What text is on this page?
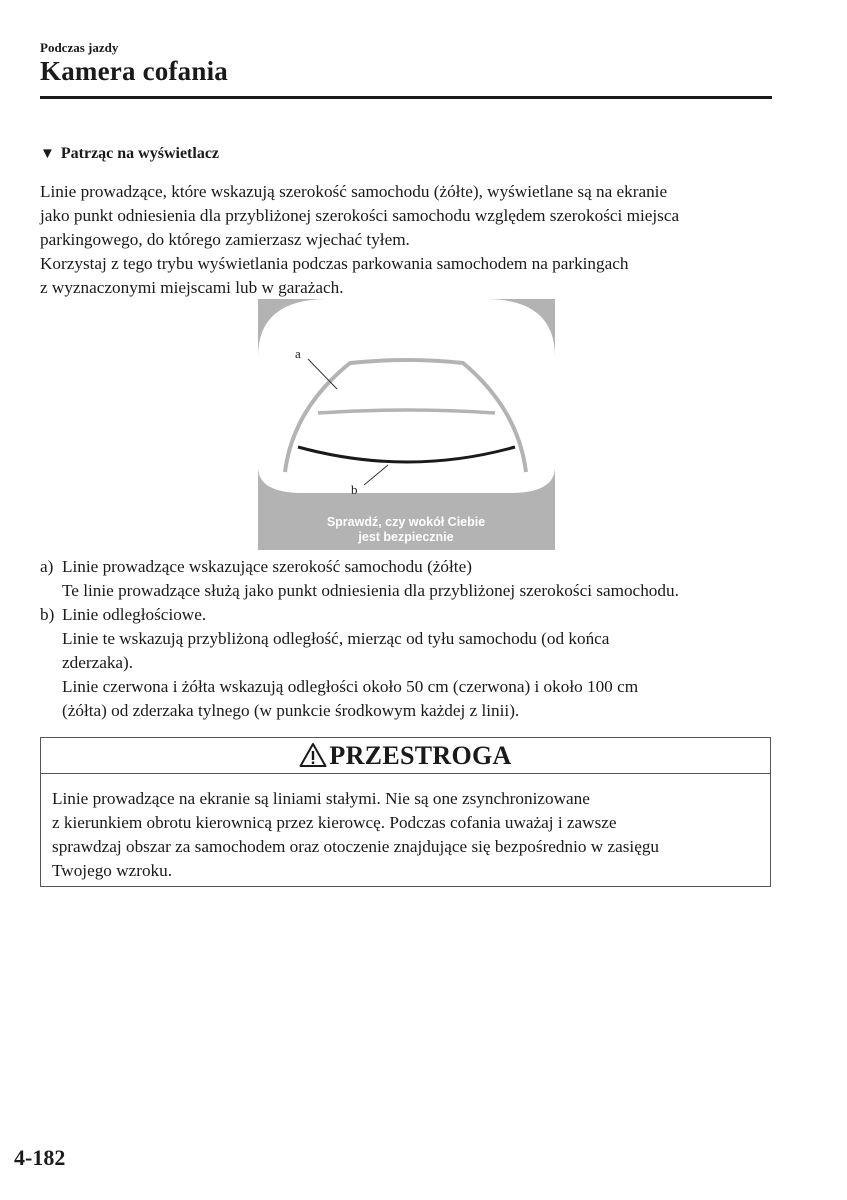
Podczas jazdy
Kamera cofania
▼ Patrząc na wyświetlacz
Linie prowadzące, które wskazują szerokość samochodu (żółte), wyświetlane są na ekranie
jako punkt odniesienia dla przybliżonej szerokości samochodu względem szerokości miejsca
parkingowego, do którego zamierzasz wjechać tyłem.
Korzystaj z tego trybu wyświetlania podczas parkowania samochodem na parkingach
z wyznaczonymi miejscami lub w garażach.
a
b
Sprawdź, czy wokół Ciebie
jest bezpiecznie
a) Linie prowadzące wskazujące szerokość samochodu (żółte)
Te linie prowadzące służą jako punkt odniesienia dla przybliżonej szerokości samochodu.
b) Linie odległościowe.
Linie te wskazują przybliżoną odległość, mierząc od tyłu samochodu (od końca
zderzaka).
Linie czerwona i żółta wskazują odległości około 50 cm (czerwona) i około 100 cm
(żółta) od zderzaka tylnego (w punkcie środkowym każdej z linii).
PRZESTROGA
Linie prowadzące na ekranie są liniami stałymi. Nie są one zsynchronizowane
z kierunkiem obrotu kierownicą przez kierowcę. Podczas cofania uważaj i zawsze
sprawdzaj obszar za samochodem oraz otoczenie znajdujące się bezpośrednio w zasięgu
Twojego wzroku.
4-182
